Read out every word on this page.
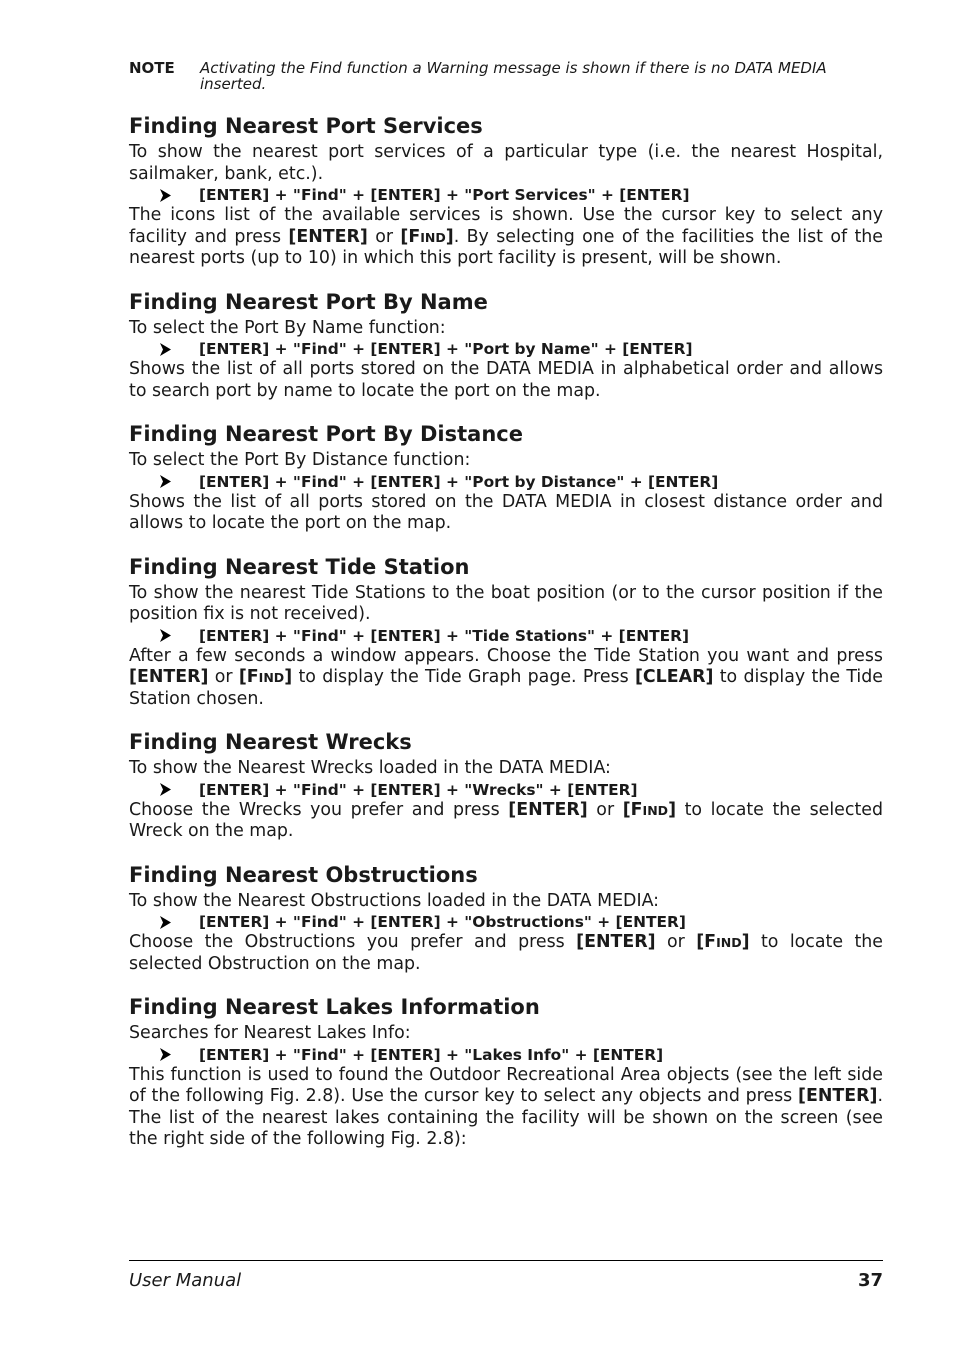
NOTE	Activating the Find function a Warning message is shown if there is no DATA MEDIA inserted.
Finding Nearest Port Services

To show the nearest port services of a particular type (i.e. the nearest Hospital, sailmaker, bank, etc.).

[ENTER] + "Find" + [ENTER] + "Port Services" + [ENTER]

The icons list of the available services is shown. Use the cursor key to select any facility and press [ENTER] or [FIND]. By selecting one of the facilities the list of the nearest ports (up to 10) in which this port facility is present, will be shown.

Finding Nearest Port By Name

To select the Port By Name function:

[ENTER] + "Find" + [ENTER] + "Port by Name" + [ENTER]

Shows the list of all ports stored on the DATA MEDIA in alphabetical order and allows to search port by name to locate the port on the map.

Finding Nearest Port By Distance

To select the Port By Distance function:

[ENTER] + "Find" + [ENTER] + "Port by Distance" + [ENTER]

Shows the list of all ports stored on the DATA MEDIA in closest distance order and allows to locate the port on the map.

Finding Nearest Tide Station

To show the nearest Tide Stations to the boat position (or to the cursor position if the position fix is not received).

[ENTER] + "Find" + [ENTER] + "Tide Stations" + [ENTER]

After a few seconds a window appears. Choose the Tide Station you want and press [ENTER] or [FIND] to display the Tide Graph page. Press [CLEAR] to display the Tide Station chosen.

Finding Nearest Wrecks

To show the Nearest Wrecks loaded in the DATA MEDIA:

[ENTER] + "Find" + [ENTER] + "Wrecks" + [ENTER]

Choose the Wrecks you prefer and press [ENTER] or [FIND] to locate the selected Wreck on the map.

Finding Nearest Obstructions

To show the Nearest Obstructions loaded in the DATA MEDIA:

[ENTER] + "Find" + [ENTER] + "Obstructions" + [ENTER]

Choose the Obstructions you prefer and press [ENTER] or [FIND] to locate the selected Obstruction on the map.

Finding Nearest Lakes Information

Searches for Nearest Lakes Info:

[ENTER] + "Find" + [ENTER] + "Lakes Info" + [ENTER]

This function is used to found the Outdoor Recreational Area objects (see the left side of the following Fig. 2.8). Use the cursor key to select any objects and press [ENTER]. The list of the nearest lakes containing the facility will be shown on the screen (see the right side of the following Fig. 2.8):

User Manual	37
